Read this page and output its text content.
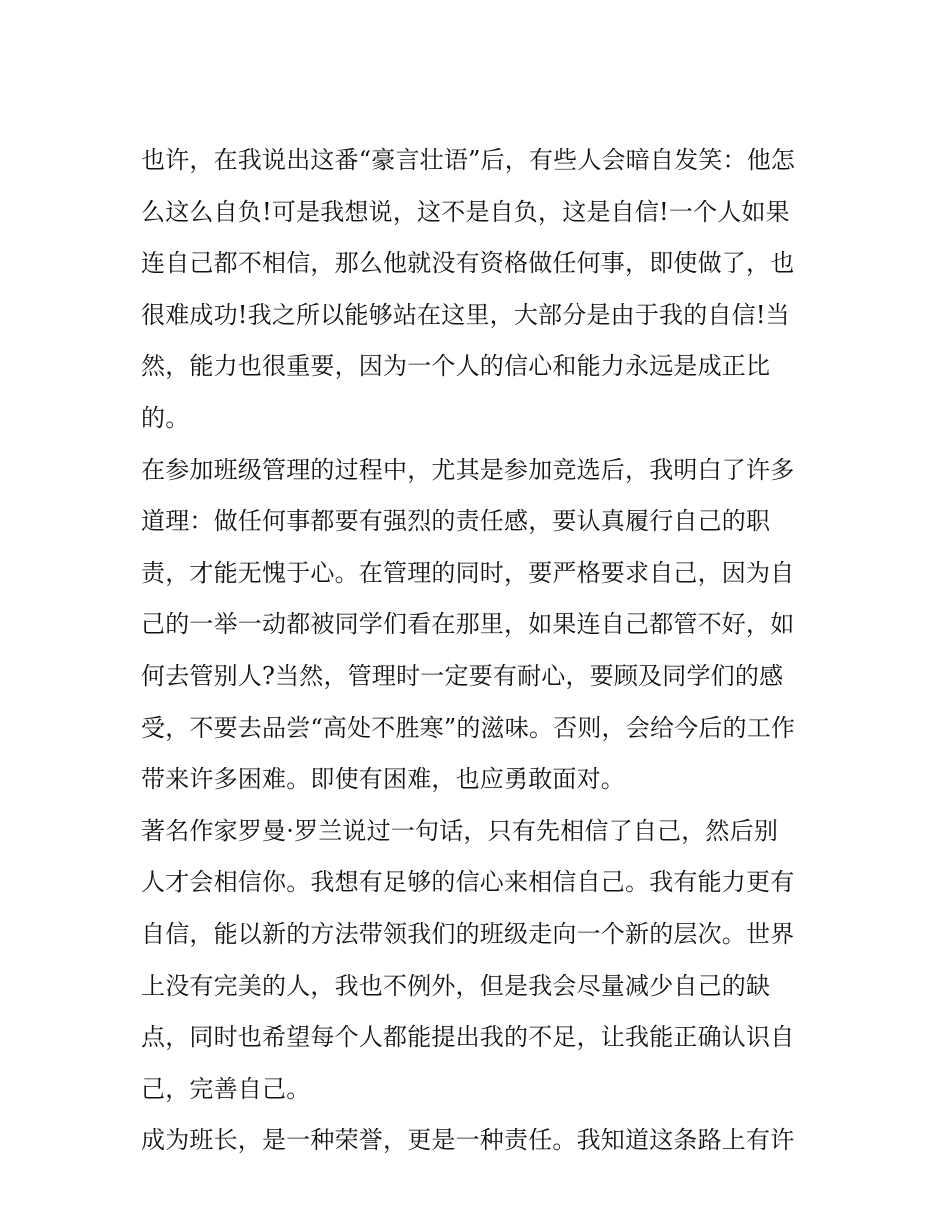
也许，在我说出这番“豪言壮语”后，有些人会暗自发笑：他怎
么这么自负!可是我想说，这不是自负，这是自信!一个人如果
连自己都不相信，那么他就没有资格做任何事，即使做了，也
很难成功!我之所以能够站在这里，大部分是由于我的自信!当
然，能力也很重要，因为一个人的信心和能力永远是成正比
的。
在参加班级管理的过程中，尤其是参加竞选后，我明白了许多
道理：做任何事都要有强烈的责任感，要认真履行自己的职
责，才能无愧于心。在管理的同时，要严格要求自己，因为自
己的一举一动都被同学们看在那里，如果连自己都管不好，如
何去管别人?当然，管理时一定要有耐心，要顾及同学们的感
受，不要去品尝“高处不胜寒”的滋味。否则，会给今后的工作
带来许多困难。即使有困难，也应勇敢面对。
著名作家罗曼·罗兰说过一句话，只有先相信了自己，然后别
人才会相信你。我想有足够的信心来相信自己。我有能力更有
自信，能以新的方法带领我们的班级走向一个新的层次。世界
上没有完美的人，我也不例外，但是我会尽量减少自己的缺
点，同时也希望每个人都能提出我的不足，让我能正确认识自
己，完善自己。
成为班长，是一种荣誉，更是一种责任。我知道这条路上有许
